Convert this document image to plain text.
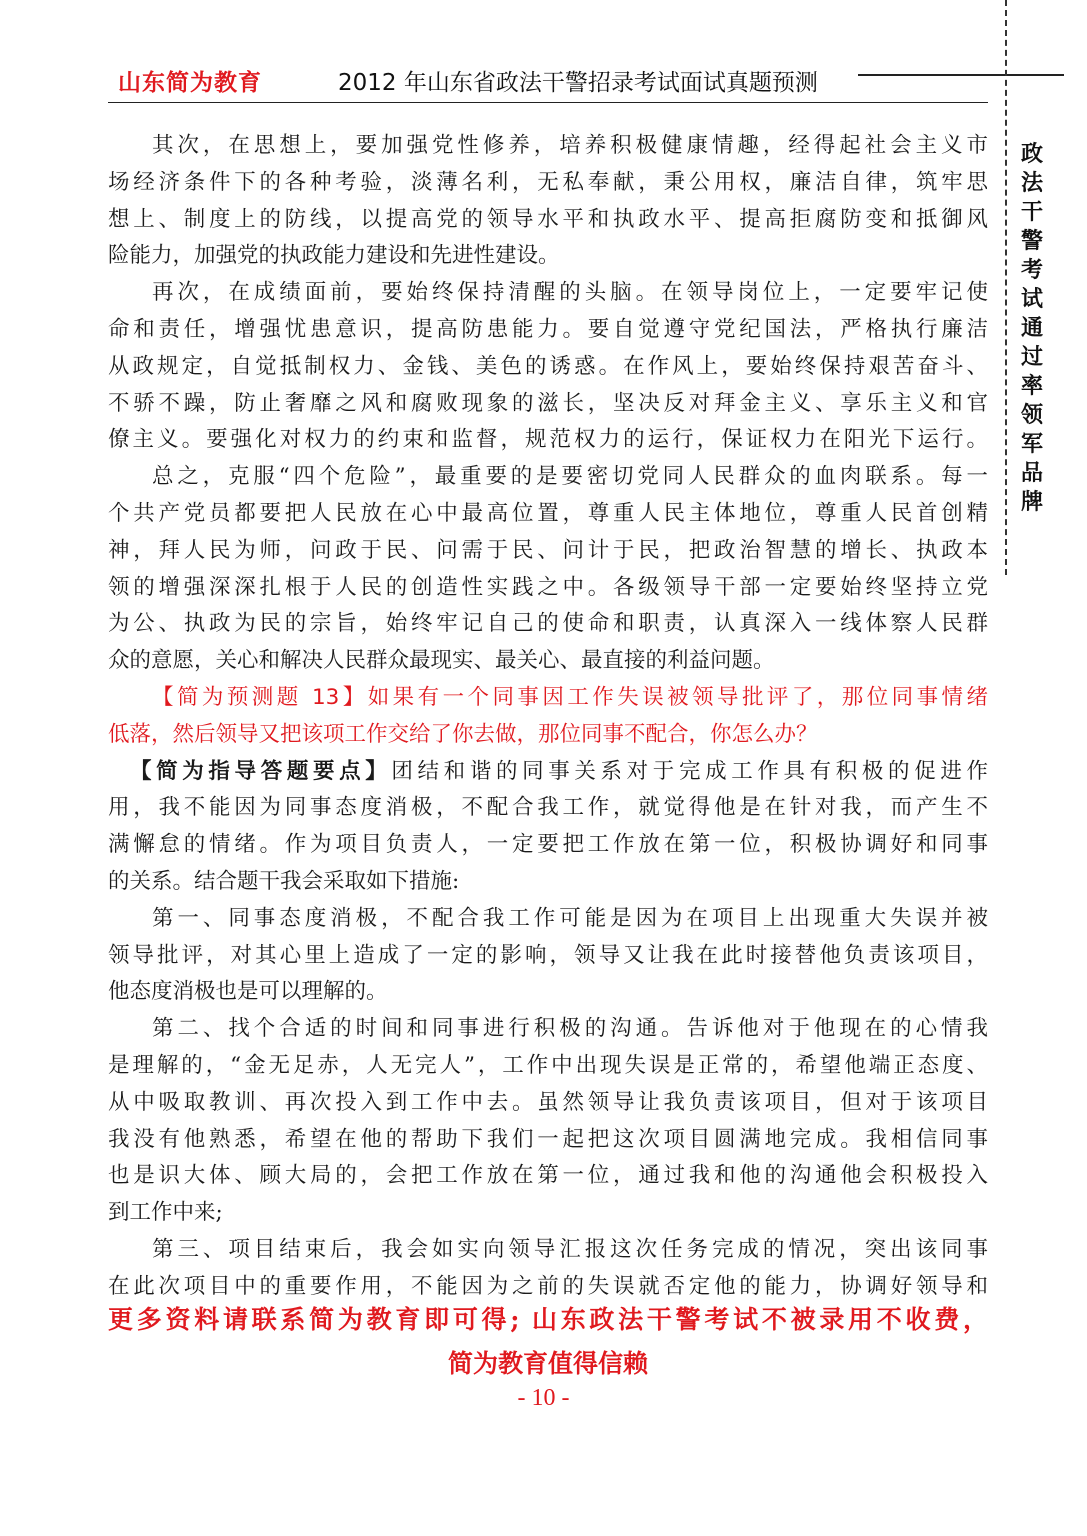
山东简为教育	2012 年山东省政法干警招录考试面试真题预测
政
法
干
警
考
试
通
过
率
领
军
品
牌
其次，在思想上，要加强党性修养，培养积极健康情趣，经得起社会主义市
场经济条件下的各种考验，淡薄名利，无私奉献，秉公用权，廉洁自律，筑牢思
想上、制度上的防线，以提高党的领导水平和执政水平、提高拒腐防变和抵御风
险能力，加强党的执政能力建设和先进性建设。
再次，在成绩面前，要始终保持清醒的头脑。在领导岗位上，一定要牢记使
命和责任，增强忧患意识，提高防患能力。要自觉遵守党纪国法，严格执行廉洁
从政规定，自觉抵制权力、金钱、美色的诱惑。在作风上，要始终保持艰苦奋斗、
不骄不躁，防止奢靡之风和腐败现象的滋长，坚决反对拜金主义、享乐主义和官
僚主义。要强化对权力的约束和监督，规范权力的运行，保证权力在阳光下运行。
总之，克服“四个危险”，最重要的是要密切党同人民群众的血肉联系。每一
个共产党员都要把人民放在心中最高位置，尊重人民主体地位，尊重人民首创精
神，拜人民为师，问政于民、问需于民、问计于民，把政治智慧的增长、执政本
领的增强深深扎根于人民的创造性实践之中。各级领导干部一定要始终坚持立党
为公、执政为民的宗旨，始终牢记自己的使命和职责，认真深入一线体察人民群
众的意愿，关心和解决人民群众最现实、最关心、最直接的利益问题。
【简为预测题 13】如果有一个同事因工作失误被领导批评了，那位同事情绪
低落，然后领导又把该项工作交给了你去做，那位同事不配合，你怎么办？
【简为指导答题要点】团结和谐的同事关系对于完成工作具有积极的促进作
用，我不能因为同事态度消极，不配合我工作，就觉得他是在针对我，而产生不
满懈怠的情绪。作为项目负责人，一定要把工作放在第一位，积极协调好和同事
的关系。结合题干我会采取如下措施:
第一、同事态度消极，不配合我工作可能是因为在项目上出现重大失误并被
领导批评，对其心里上造成了一定的影响，领导又让我在此时接替他负责该项目，
他态度消极也是可以理解的。
第二、找个合适的时间和同事进行积极的沟通。告诉他对于他现在的心情我
是理解的，“金无足赤，人无完人”，工作中出现失误是正常的，希望他端正态度、
从中吸取教训、再次投入到工作中去。虽然领导让我负责该项目，但对于该项目
我没有他熟悉，希望在他的帮助下我们一起把这次项目圆满地完成。我相信同事
也是识大体、顾大局的，会把工作放在第一位，通过我和他的沟通他会积极投入
到工作中来;
第三、项目结束后，我会如实向领导汇报这次任务完成的情况，突出该同事
在此次项目中的重要作用，不能因为之前的失误就否定他的能力，协调好领导和
更多资料请联系简为教育即可得; 山东政法干警考试不被录用不收费，
简为教育值得信赖
- 10 -
